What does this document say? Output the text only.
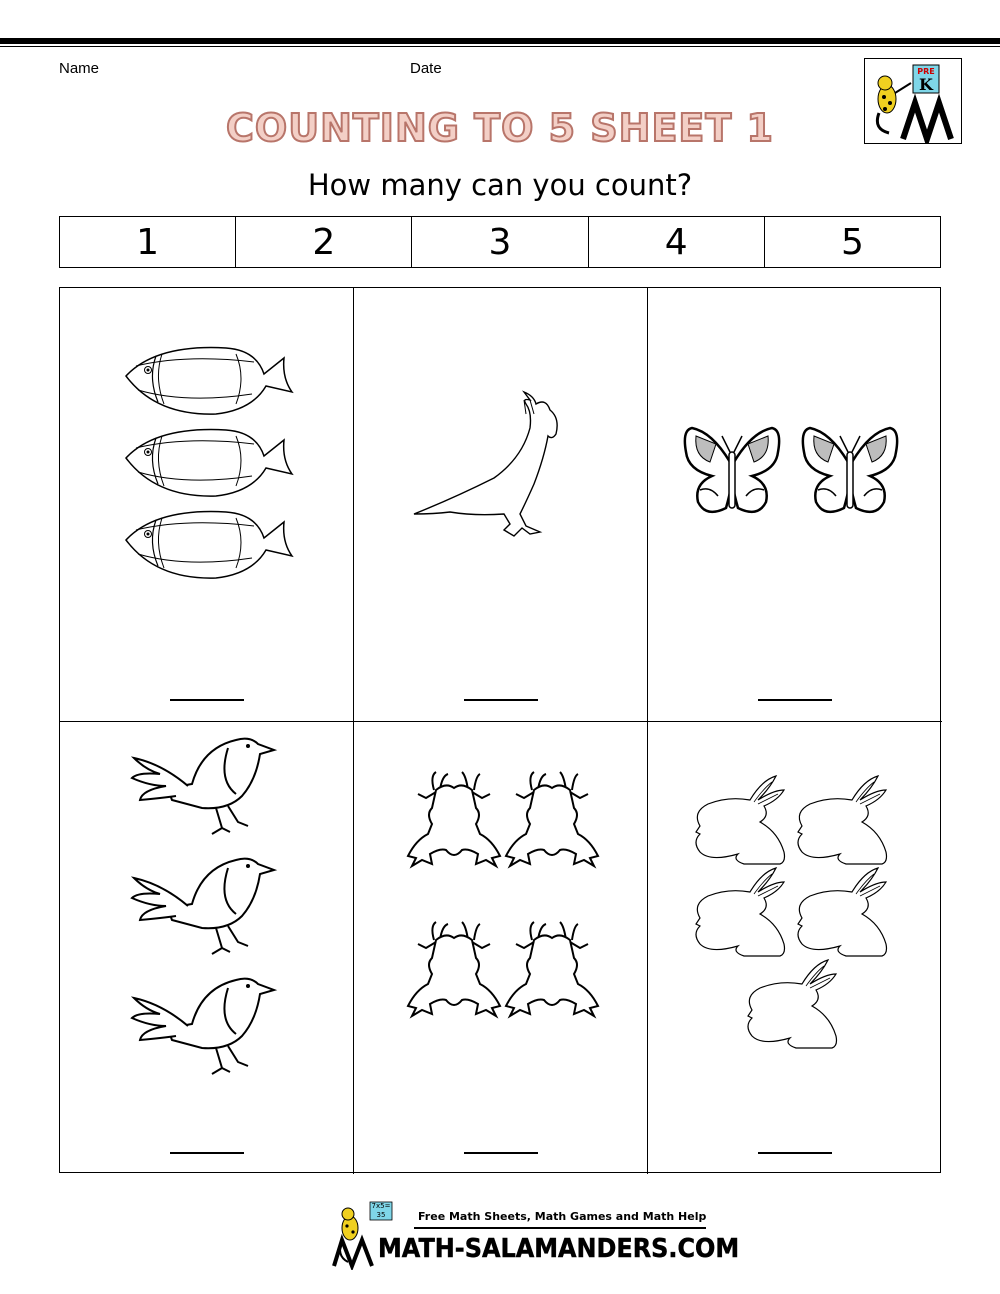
Name	Date	PRE
K
COUNTING TO 5 SHEET 1
How many can you count?
1	2	3	4	5
7x5= 35	Free Math Sheets, Math Games and Math Help
MATH-SALAMANDERS.COM
